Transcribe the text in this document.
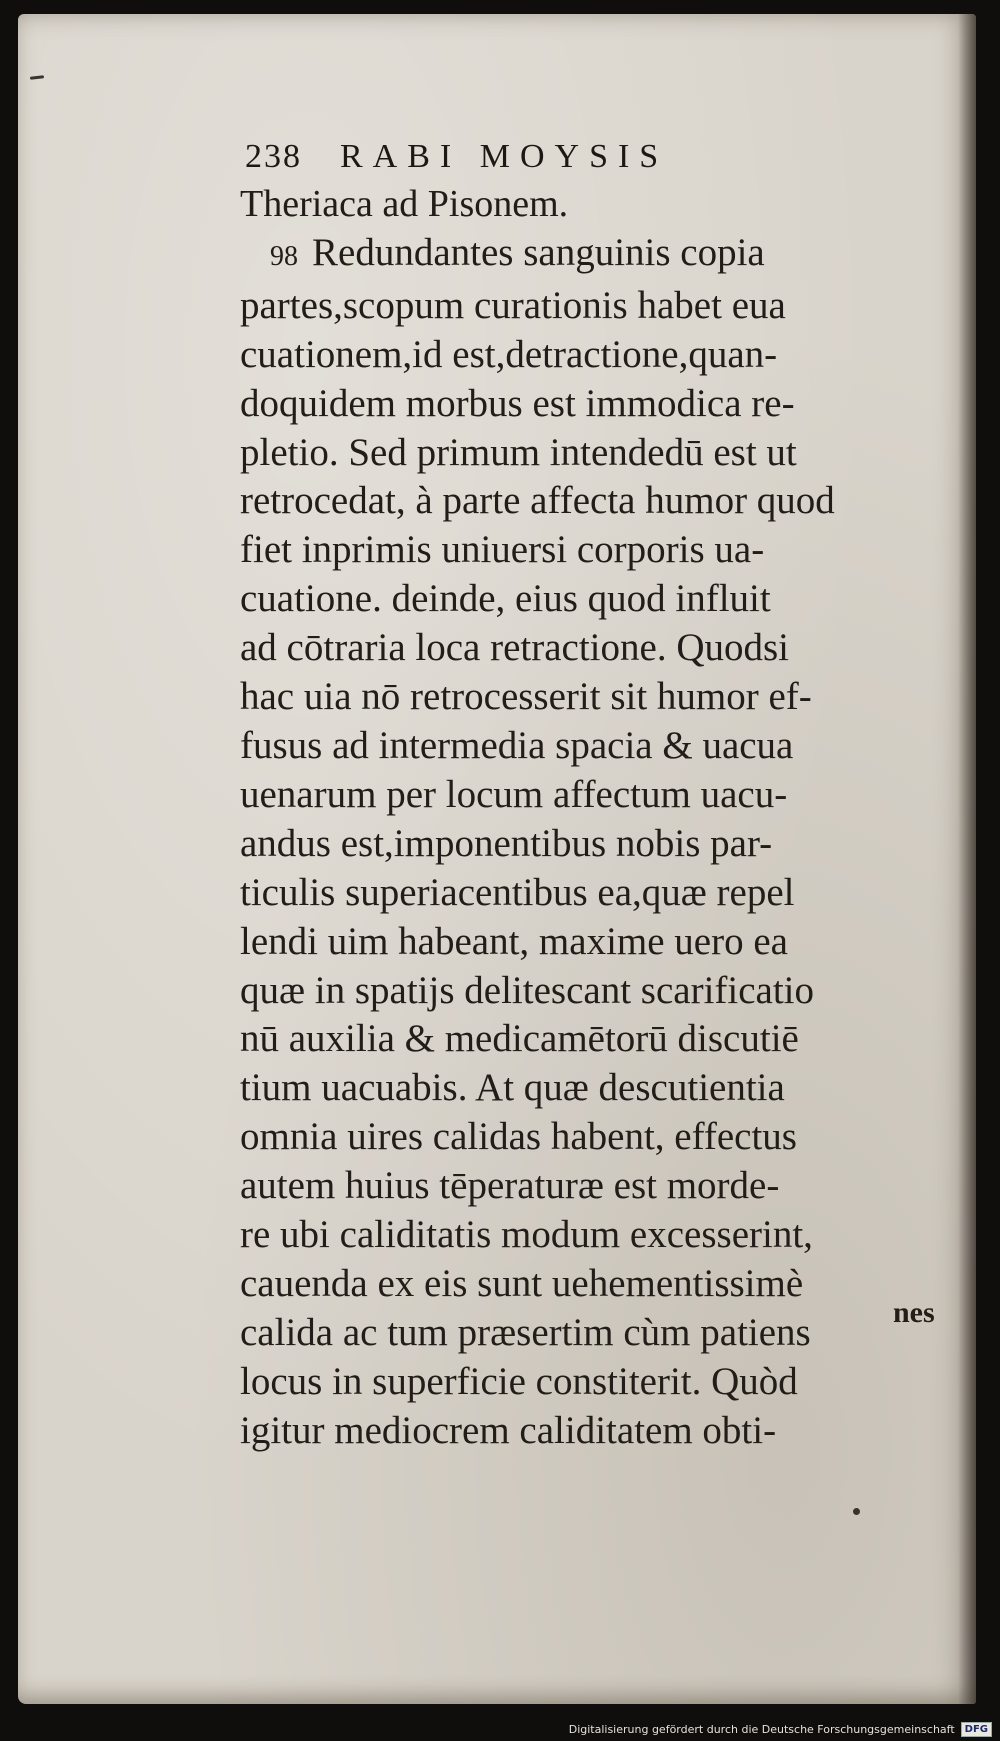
238 RABI MOYSIS
Theriaca ad Pisonem.
98 Redundantes sanguinis copia
partes,scopum curationis habet eua
cuationem,id est,detractione,quan-
doquidem morbus est immodica re-
pletio. Sed primum intendedū est ut
retrocedat, à parte affecta humor quod
fiet inprimis uniuersi corporis ua-
cuatione. deinde, eius quod influit
ad cōtraria loca retractione. Quodsi
hac uia nō retrocesserit sit humor ef-
fusus ad intermedia spacia & uacua
uenarum per locum affectum uacu-
andus est,imponentibus nobis par-
ticulis superiacentibus ea,quæ repel
lendi uim habeant, maxime uero ea
quæ in spatijs delitescant scarificatio
nū auxilia & medicamētorū discutiē
tium uacuabis. At quæ descutientia
omnia uires calidas habent, effectus
autem huius tēperaturæ est morde-
re ubi caliditatis modum excesserint,
cauenda ex eis sunt uehementissimè
calida ac tum præsertim cùm patiens
locus in superficie constiterit. Quòd
igitur mediocrem caliditatem obti-
nes
Digitalisierung gefördert durch die Deutsche Forschungsgemeinschaft	DFG
